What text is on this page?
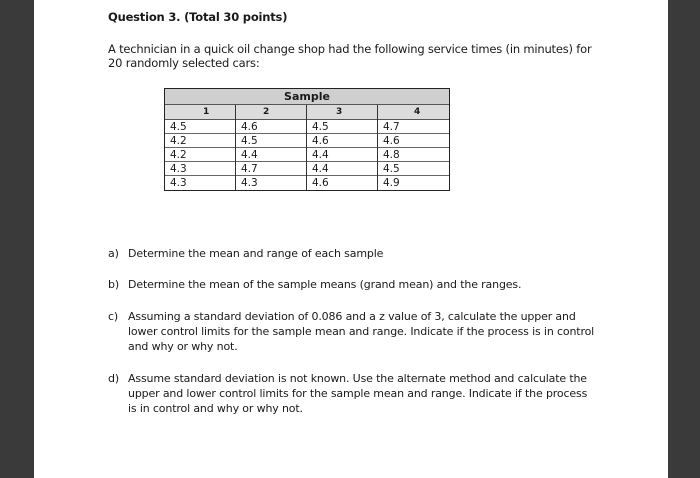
Question 3. (Total 30 points)
A technician in a quick oil change shop had the following service times (in minutes) for 20 randomly selected cars:
Sample
1
4.5
4.2
4.2
4.3
4.3
2
4.6
4.5
4.4
4.7
4.3
3
4.5
4.6
4.4
4.4
4.6
4
4.7
4.6
4.8
4.5
4.9
a) Determine the mean and range of each sample
b) Determine the mean of the sample means (grand mean) and the ranges.
c) Assuming a standard deviation of 0.086 and a z value of 3, calculate the upper and lower control limits for the sample mean and range. Indicate if the process is in control and why or why not.
d) Assume standard deviation is not known. Use the alternate method and calculate the upper and lower control limits for the sample mean and range. Indicate if the process is in control and why or why not.
